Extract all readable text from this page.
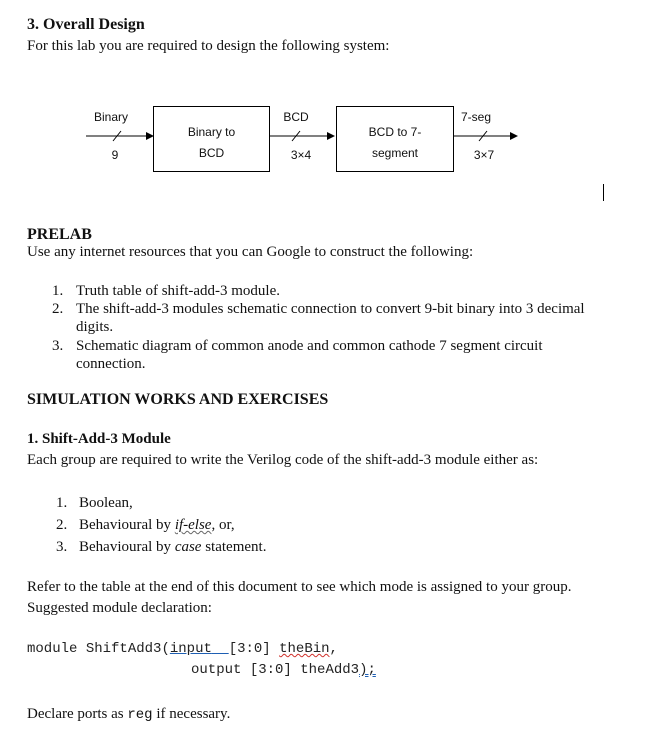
3. Overall Design
For this lab you are required to design the following system:
Binary
9
Binary to
BCD
BCD
3×4
BCD to 7-
segment
7-seg
3×7
PRELAB
Use any internet resources that you can Google to construct the following:
1. Truth table of shift-add-3 module.
2. The shift-add-3 modules schematic connection to convert 9-bit binary into 3 decimal
digits.
3. Schematic diagram of common anode and common cathode 7 segment circuit
connection.
SIMULATION WORKS AND EXERCISES
1. Shift-Add-3 Module
Each group are required to write the Verilog code of the shift-add-3 module either as:
1. Boolean,
2. Behavioural by if-else, or,
3. Behavioural by case statement.
Refer to the table at the end of this document to see which mode is assigned to your group.
Suggested module declaration:
module ShiftAdd3(input [3:0] theBin,
output [3:0] theAdd3);
Declare ports as reg if necessary.
